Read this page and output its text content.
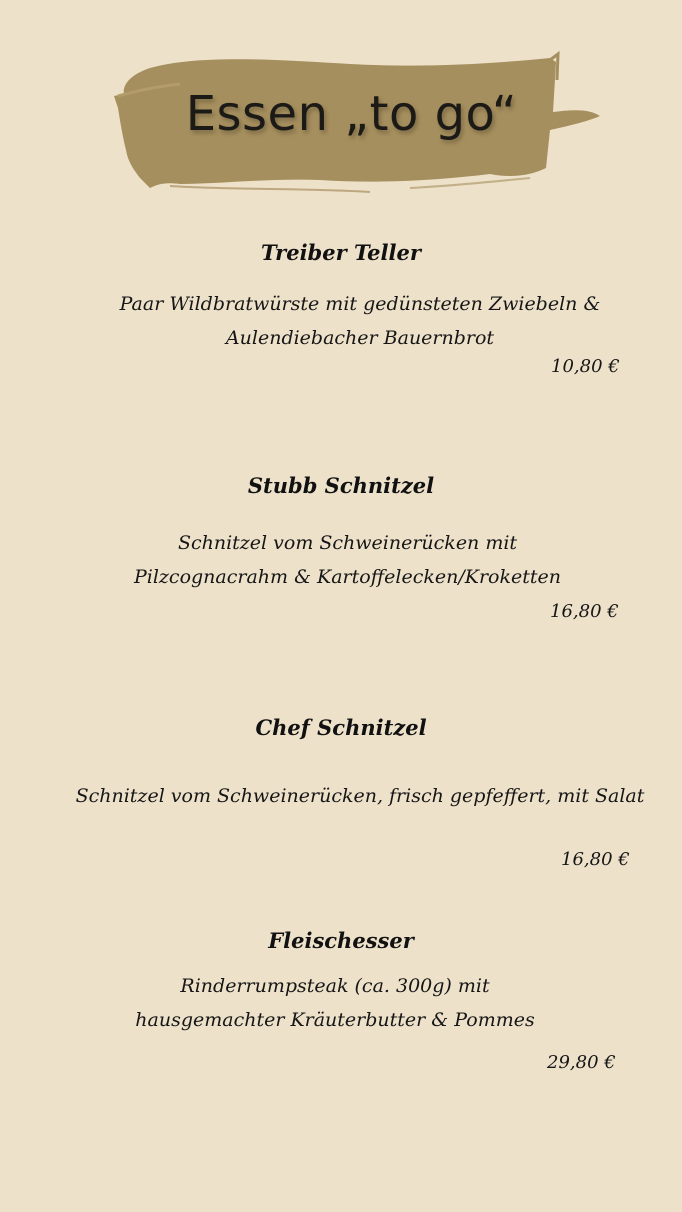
Essen „to go“
Treiber Teller
Paar Wildbratwürste mit gedünsteten Zwiebeln & Aulendiebacher Bauernbrot
10,80 €
Stubb Schnitzel
Schnitzel vom Schweinerücken mit Pilzcognacrahm & Kartoffelecken/Kroketten
16,80 €
Chef Schnitzel
Schnitzel vom Schweinerücken, frisch gepfeffert, mit Salat
16,80 €
Fleischesser
Rinderrumpsteak (ca. 300g) mit hausgemachter Kräuterbutter & Pommes
29,80 €
